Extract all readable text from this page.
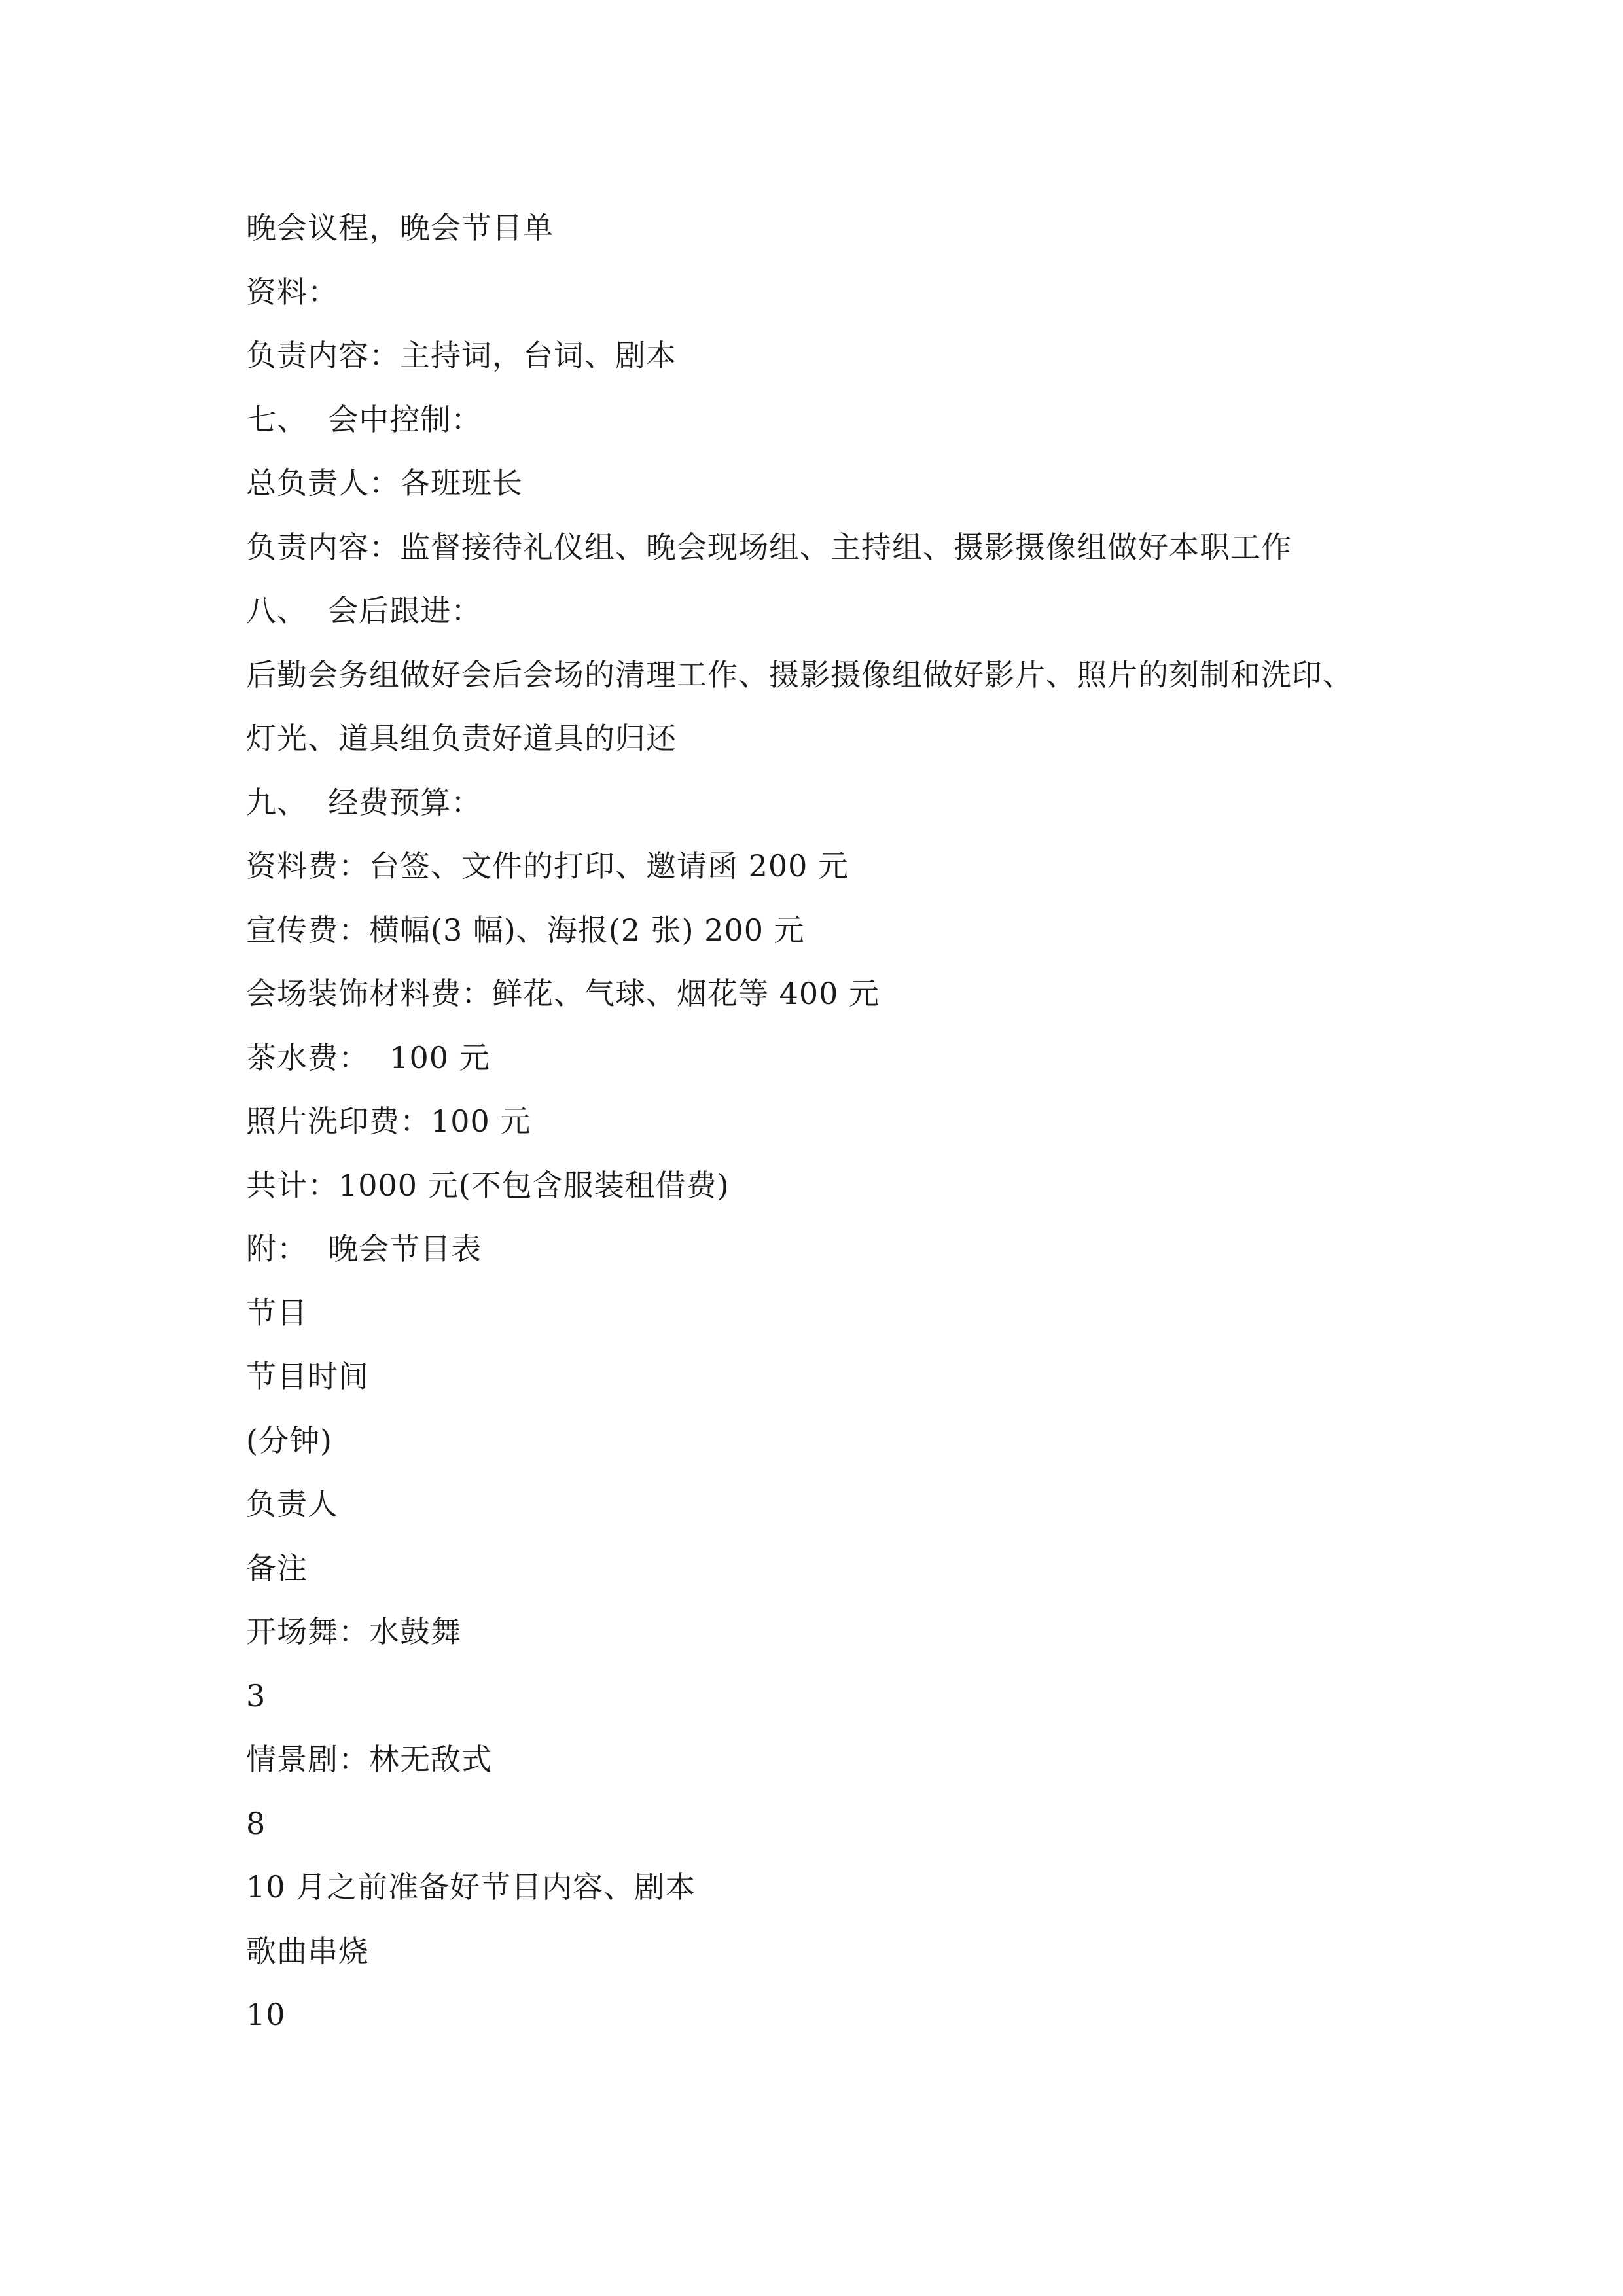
晚会议程，晚会节目单
资料：
负责内容：主持词，台词、剧本
七、  会中控制：
总负责人：各班班长
负责内容：监督接待礼仪组、晚会现场组、主持组、摄影摄像组做好本职工作
八、  会后跟进：
后勤会务组做好会后会场的清理工作、摄影摄像组做好影片、照片的刻制和洗印、
灯光、道具组负责好道具的归还
九、  经费预算：
资料费：台签、文件的打印、邀请函 200 元
宣传费：横幅(3 幅)、海报(2 张) 200 元
会场装饰材料费：鲜花、气球、烟花等 400 元
茶水费：  100 元
照片洗印费：100 元
共计：1000 元(不包含服装租借费)
附：  晚会节目表
节目
节目时间
(分钟)
负责人
备注
开场舞：水鼓舞
3
情景剧：林无敌式
8
10 月之前准备好节目内容、剧本
歌曲串烧
10
